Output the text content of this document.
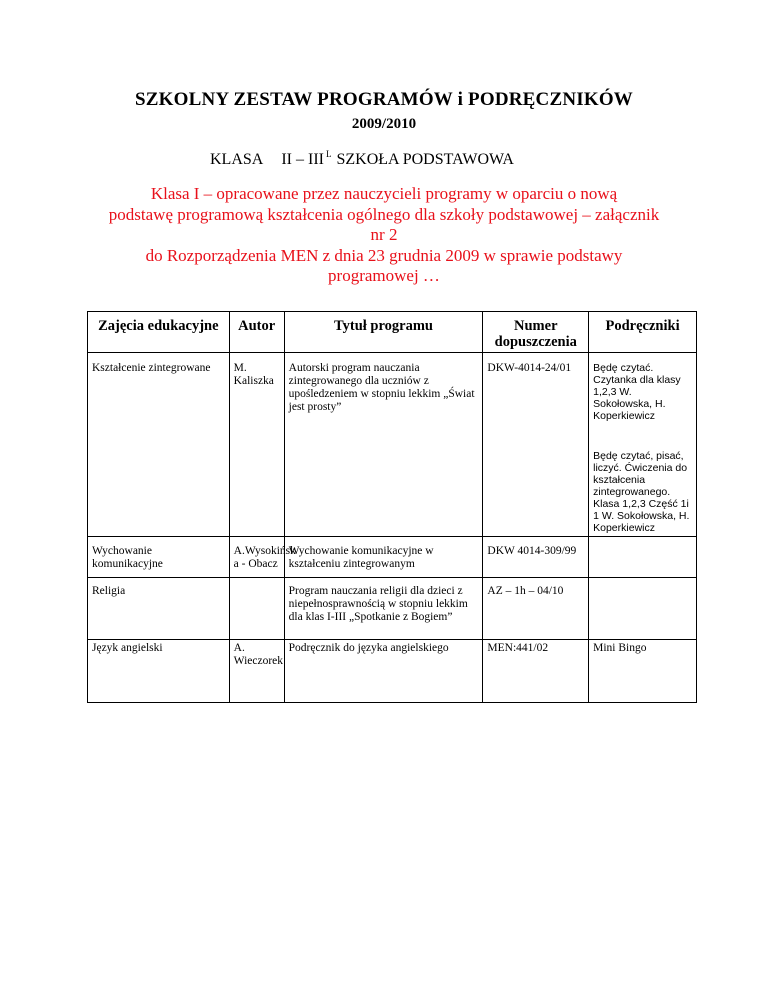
SZKOLNY ZESTAW PROGRAMÓW i PODRĘCZNIKÓW
2009/2010
KLASA II – III $^L$ SZKOŁA PODSTAWOWA
Klasa I – opracowane przez nauczycieli programy w oparciu o nową
podstawę programową kształcenia ogólnego dla szkoły podstawowej – załącznik
nr 2
do Rozporządzenia MEN z dnia 23 grudnia 2009 w sprawie podstawy
programowej …
Zajęcia edukacyjne	Autor	Tytuł programu	Numer dopuszczenia	Podręczniki
Kształcenie zintegrowane	M. Kaliszka	Autorski program nauczania zintegrowanego dla uczniów z upośledzeniem w stopniu lekkim „Świat jest prosty”	DKW-4014-24/01	Będę czytać. Czytanka dla klasy 1,2,3 W. Sokołowska, H. Koperkiewicz
Będę czytać, pisać, liczyć. Ćwiczenia do kształcenia zintegrowanego. Klasa 1,2,3 Część 1i 1 W. Sokołowska, H. Koperkiewicz

Wychowanie komunikacyjne	A.Wysokińsk a - Obacz	Wychowanie komunikacyjne w kształceniu zintegrowanym	DKW 4014-309/99	
Religia		Program nauczania religii dla dzieci z niepełnosprawnością w stopniu lekkim dla klas I-III „Spotkanie z Bogiem”	AZ – 1h – 04/10	
Język angielski	A. Wieczorek	Podręcznik do języka angielskiego	MEN:441/02	Mini Bingo
